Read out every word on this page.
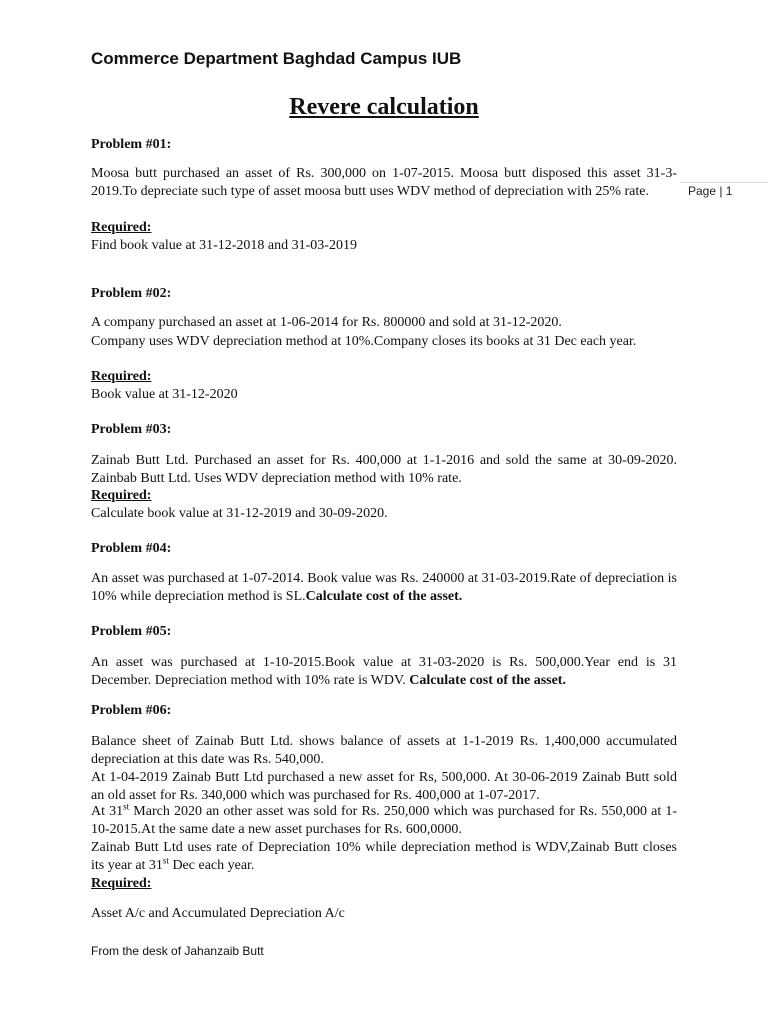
Commerce Department Baghdad Campus IUB
Revere calculation
Page | 1
Problem #01:
Moosa butt purchased an asset of Rs. 300,000 on 1-07-2015. Moosa butt disposed this asset 31-3-2019.To depreciate such type of asset moosa butt uses WDV method of depreciation with 25% rate.
Required:
Find book value at 31-12-2018 and 31-03-2019
Problem #02:
A company purchased an asset at 1-06-2014 for Rs. 800000 and sold at 31-12-2020.
Company uses WDV depreciation method at 10%.Company closes its books at 31 Dec each year.
Required:
Book value at 31-12-2020
Problem #03:
Zainab Butt Ltd. Purchased an asset for Rs. 400,000 at 1-1-2016 and sold the same at 30-09-2020. Zainbab Butt Ltd. Uses WDV depreciation method with 10% rate.
Required:
Calculate book value at 31-12-2019 and 30-09-2020.
Problem #04:
An asset was purchased at 1-07-2014. Book value was Rs. 240000 at 31-03-2019.Rate of depreciation is 10% while depreciation method is SL.Calculate cost of the asset.
Problem #05:
An asset was purchased at 1-10-2015.Book value at 31-03-2020 is Rs. 500,000.Year end is 31 December. Depreciation method with 10% rate is WDV. Calculate cost of the asset.
Problem #06:
Balance sheet of Zainab Butt Ltd. shows balance of assets at 1-1-2019 Rs. 1,400,000 accumulated depreciation at this date was Rs. 540,000.
At 1-04-2019 Zainab Butt Ltd purchased a new asset for Rs, 500,000. At 30-06-2019 Zainab Butt sold an old asset for Rs. 340,000 which was purchased for Rs. 400,000 at 1-07-2017.
At 31st March 2020 an other asset was sold for Rs. 250,000 which was purchased for Rs. 550,000 at 1-10-2015.At the same date a new asset purchases for Rs. 600,0000.
Zainab Butt Ltd uses rate of Depreciation 10% while depreciation method is WDV,Zainab Butt closes its year at 31st Dec each year.
Required:
Asset A/c and Accumulated Depreciation A/c
From the desk of Jahanzaib Butt
